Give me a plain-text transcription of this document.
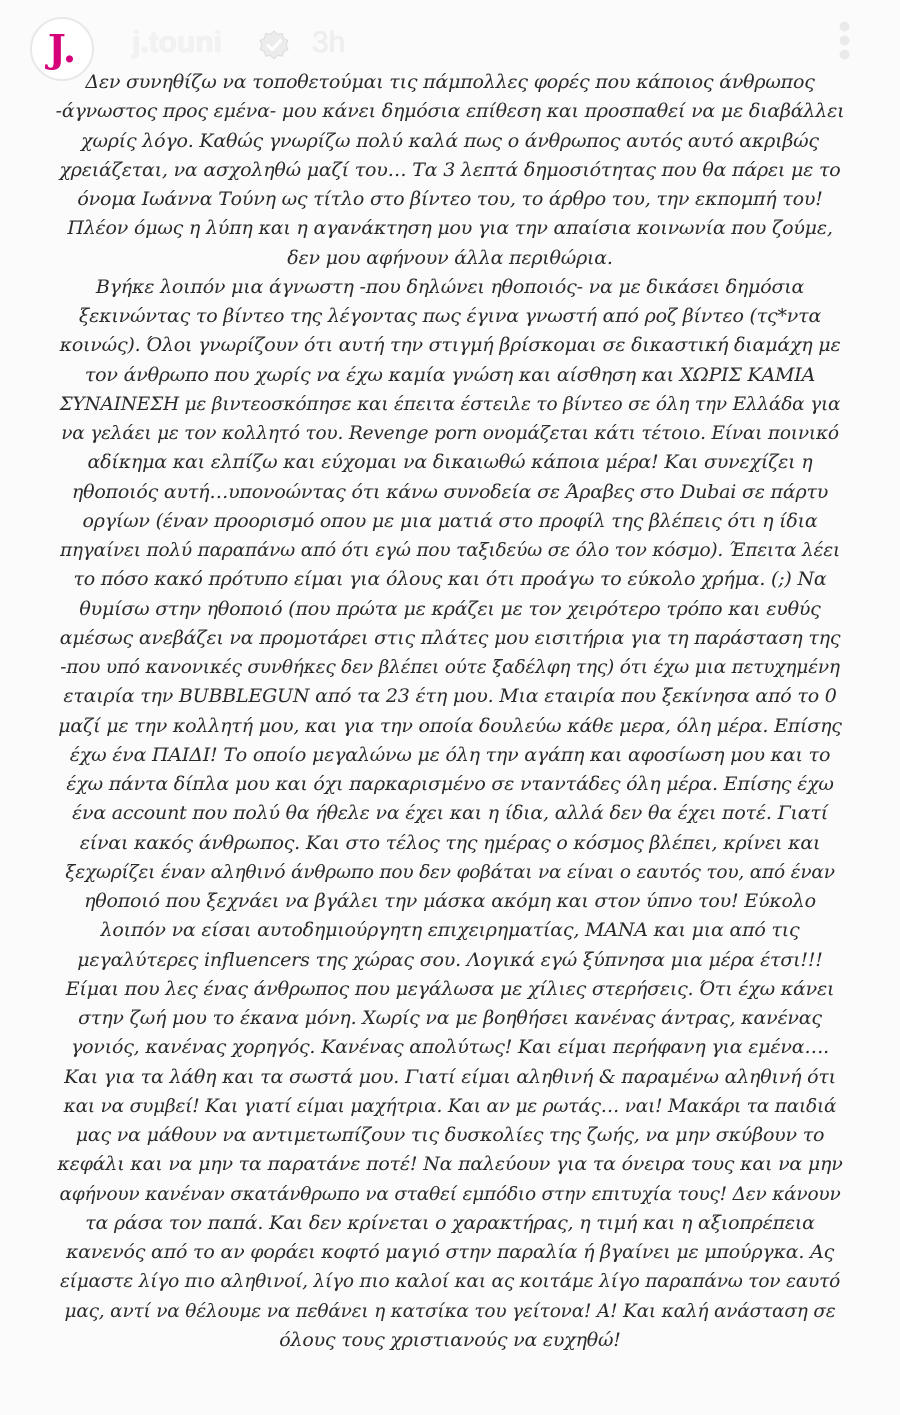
J.	j.touni	3h
Δεν συνηθίζω να τοποθετούμαι τις πάμπολλες φορές που κάποιος άνθρωπος
-άγνωστος προς εμένα- μου κάνει δημόσια επίθεση και προσπαθεί να με διαβάλλει
χωρίς λόγο. Καθώς γνωρίζω πολύ καλά πως ο άνθρωπος αυτός αυτό ακριβώς
χρειάζεται, να ασχοληθώ μαζί του… Τα 3 λεπτά δημοσιότητας που θα πάρει με το
όνομα Ιωάννα Τούνη ως τίτλο στο βίντεο του, το άρθρο του, την εκπομπή του!
Πλέον όμως η λύπη και η αγανάκτηση μου για την απαίσια κοινωνία που ζούμε,
δεν μου αφήνουν άλλα περιθώρια.
Βγήκε λοιπόν μια άγνωστη -που δηλώνει ηθοποιός- να με δικάσει δημόσια
ξεκινώντας το βίντεο της λέγοντας πως έγινα γνωστή από ροζ βίντεο (τς*ντα
κοινώς). Όλοι γνωρίζουν ότι αυτή την στιγμή βρίσκομαι σε δικαστική διαμάχη με
τον άνθρωπο που χωρίς να έχω καμία γνώση και αίσθηση και ΧΩΡΙΣ ΚΑΜΙΑ
ΣΥΝΑΙΝΕΣΗ με βιντεοσκόπησε και έπειτα έστειλε το βίντεο σε όλη την Ελλάδα για
να γελάει με τον κολλητό του. Revenge porn ονομάζεται κάτι τέτοιο. Είναι ποινικό
αδίκημα και ελπίζω και εύχομαι να δικαιωθώ κάποια μέρα! Και συνεχίζει η
ηθοποιός αυτή…υπονοώντας ότι κάνω συνοδεία σε Άραβες στο Dubai σε πάρτυ
οργίων (έναν προορισμό οπου με μια ματιά στο προφίλ της βλέπεις ότι η ίδια
πηγαίνει πολύ παραπάνω από ότι εγώ που ταξιδεύω σε όλο τον κόσμο). Έπειτα λέει
το πόσο κακό πρότυπο είμαι για όλους και ότι προάγω το εύκολο χρήμα. (;) Να
θυμίσω στην ηθοποιό (που πρώτα με κράζει με τον χειρότερο τρόπο και ευθύς
αμέσως ανεβάζει να προμοτάρει στις πλάτες μου εισιτήρια για τη παράσταση της
-που υπό κανονικές συνθήκες δεν βλέπει ούτε ξαδέλφη της) ότι έχω μια πετυχημένη
εταιρία την BUBBLEGUN από τα 23 έτη μου. Μια εταιρία που ξεκίνησα από το 0
μαζί με την κολλητή μου, και για την οποία δουλεύω κάθε μερα, όλη μέρα. Επίσης
έχω ένα ΠΑΙΔΙ! Το οποίο μεγαλώνω με όλη την αγάπη και αφοσίωση μου και το
έχω πάντα δίπλα μου και όχι παρκαρισμένο σε νταντάδες όλη μέρα. Επίσης έχω
ένα account που πολύ θα ήθελε να έχει και η ίδια, αλλά δεν θα έχει ποτέ. Γιατί
είναι κακός άνθρωπος. Και στο τέλος της ημέρας ο κόσμος βλέπει, κρίνει και
ξεχωρίζει έναν αληθινό άνθρωπο που δεν φοβάται να είναι ο εαυτός του, από έναν
ηθοποιό που ξεχνάει να βγάλει την μάσκα ακόμη και στον ύπνο του! Εύκολο
λοιπόν να είσαι αυτοδημιούργητη επιχειρηματίας, ΜΑΝΑ και μια από τις
μεγαλύτερες influencers της χώρας σου. Λογικά εγώ ξύπνησα μια μέρα έτσι!!!
Είμαι που λες ένας άνθρωπος που μεγάλωσα με χίλιες στερήσεις. Ότι έχω κάνει
στην ζωή μου το έκανα μόνη. Χωρίς να με βοηθήσει κανένας άντρας, κανένας
γονιός, κανένας χορηγός. Κανένας απολύτως! Και είμαι περήφανη για εμένα….
Και για τα λάθη και τα σωστά μου. Γιατί είμαι αληθινή & παραμένω αληθινή ότι
και να συμβεί! Και γιατί είμαι μαχήτρια. Και αν με ρωτάς… ναι! Μακάρι τα παιδιά
μας να μάθουν να αντιμετωπίζουν τις δυσκολίες της ζωής, να μην σκύβουν το
κεφάλι και να μην τα παρατάνε ποτέ! Να παλεύουν για τα όνειρα τους και να μην
αφήνουν κανέναν σκατάνθρωπο να σταθεί εμπόδιο στην επιτυχία τους! Δεν κάνουν
τα ράσα τον παπά. Και δεν κρίνεται ο χαρακτήρας, η τιμή και η αξιοπρέπεια
κανενός από το αν φοράει κοφτό μαγιό στην παραλία ή βγαίνει με μπούργκα. Ας
είμαστε λίγο πιο αληθινοί, λίγο πιο καλοί και ας κοιτάμε λίγο παραπάνω τον εαυτό
μας, αντί να θέλουμε να πεθάνει η κατσίκα του γείτονα! Α! Και καλή ανάσταση σε
όλους τους χριστιανούς να ευχηθώ!
